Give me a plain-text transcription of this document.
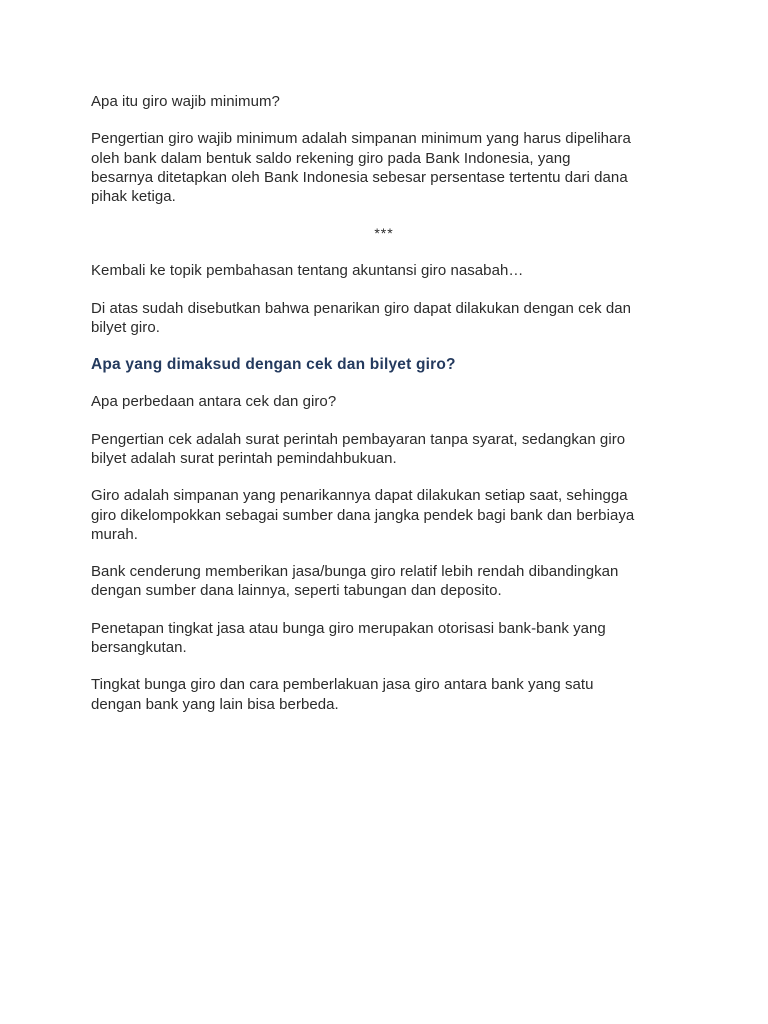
Apa itu giro wajib minimum?

Pengertian giro wajib minimum adalah simpanan minimum yang harus dipelihara
oleh bank dalam bentuk saldo rekening giro pada Bank Indonesia, yang
besarnya ditetapkan oleh Bank Indonesia sebesar persentase tertentu dari dana
pihak ketiga.

***

Kembali ke topik pembahasan tentang akuntansi giro nasabah…

Di atas sudah disebutkan bahwa penarikan giro dapat dilakukan dengan cek dan
bilyet giro.

Apa yang dimaksud dengan cek dan bilyet giro?

Apa perbedaan antara cek dan giro?

Pengertian cek adalah surat perintah pembayaran tanpa syarat, sedangkan giro
bilyet adalah surat perintah pemindahbukuan.

Giro adalah simpanan yang penarikannya dapat dilakukan setiap saat, sehingga
giro dikelompokkan sebagai sumber dana jangka pendek bagi bank dan berbiaya
murah.

Bank cenderung memberikan jasa/bunga giro relatif lebih rendah dibandingkan
dengan sumber dana lainnya, seperti tabungan dan deposito.

Penetapan tingkat jasa atau bunga giro merupakan otorisasi bank-bank yang
bersangkutan.

Tingkat bunga giro dan cara pemberlakuan jasa giro antara bank yang satu
dengan bank yang lain bisa berbeda.
